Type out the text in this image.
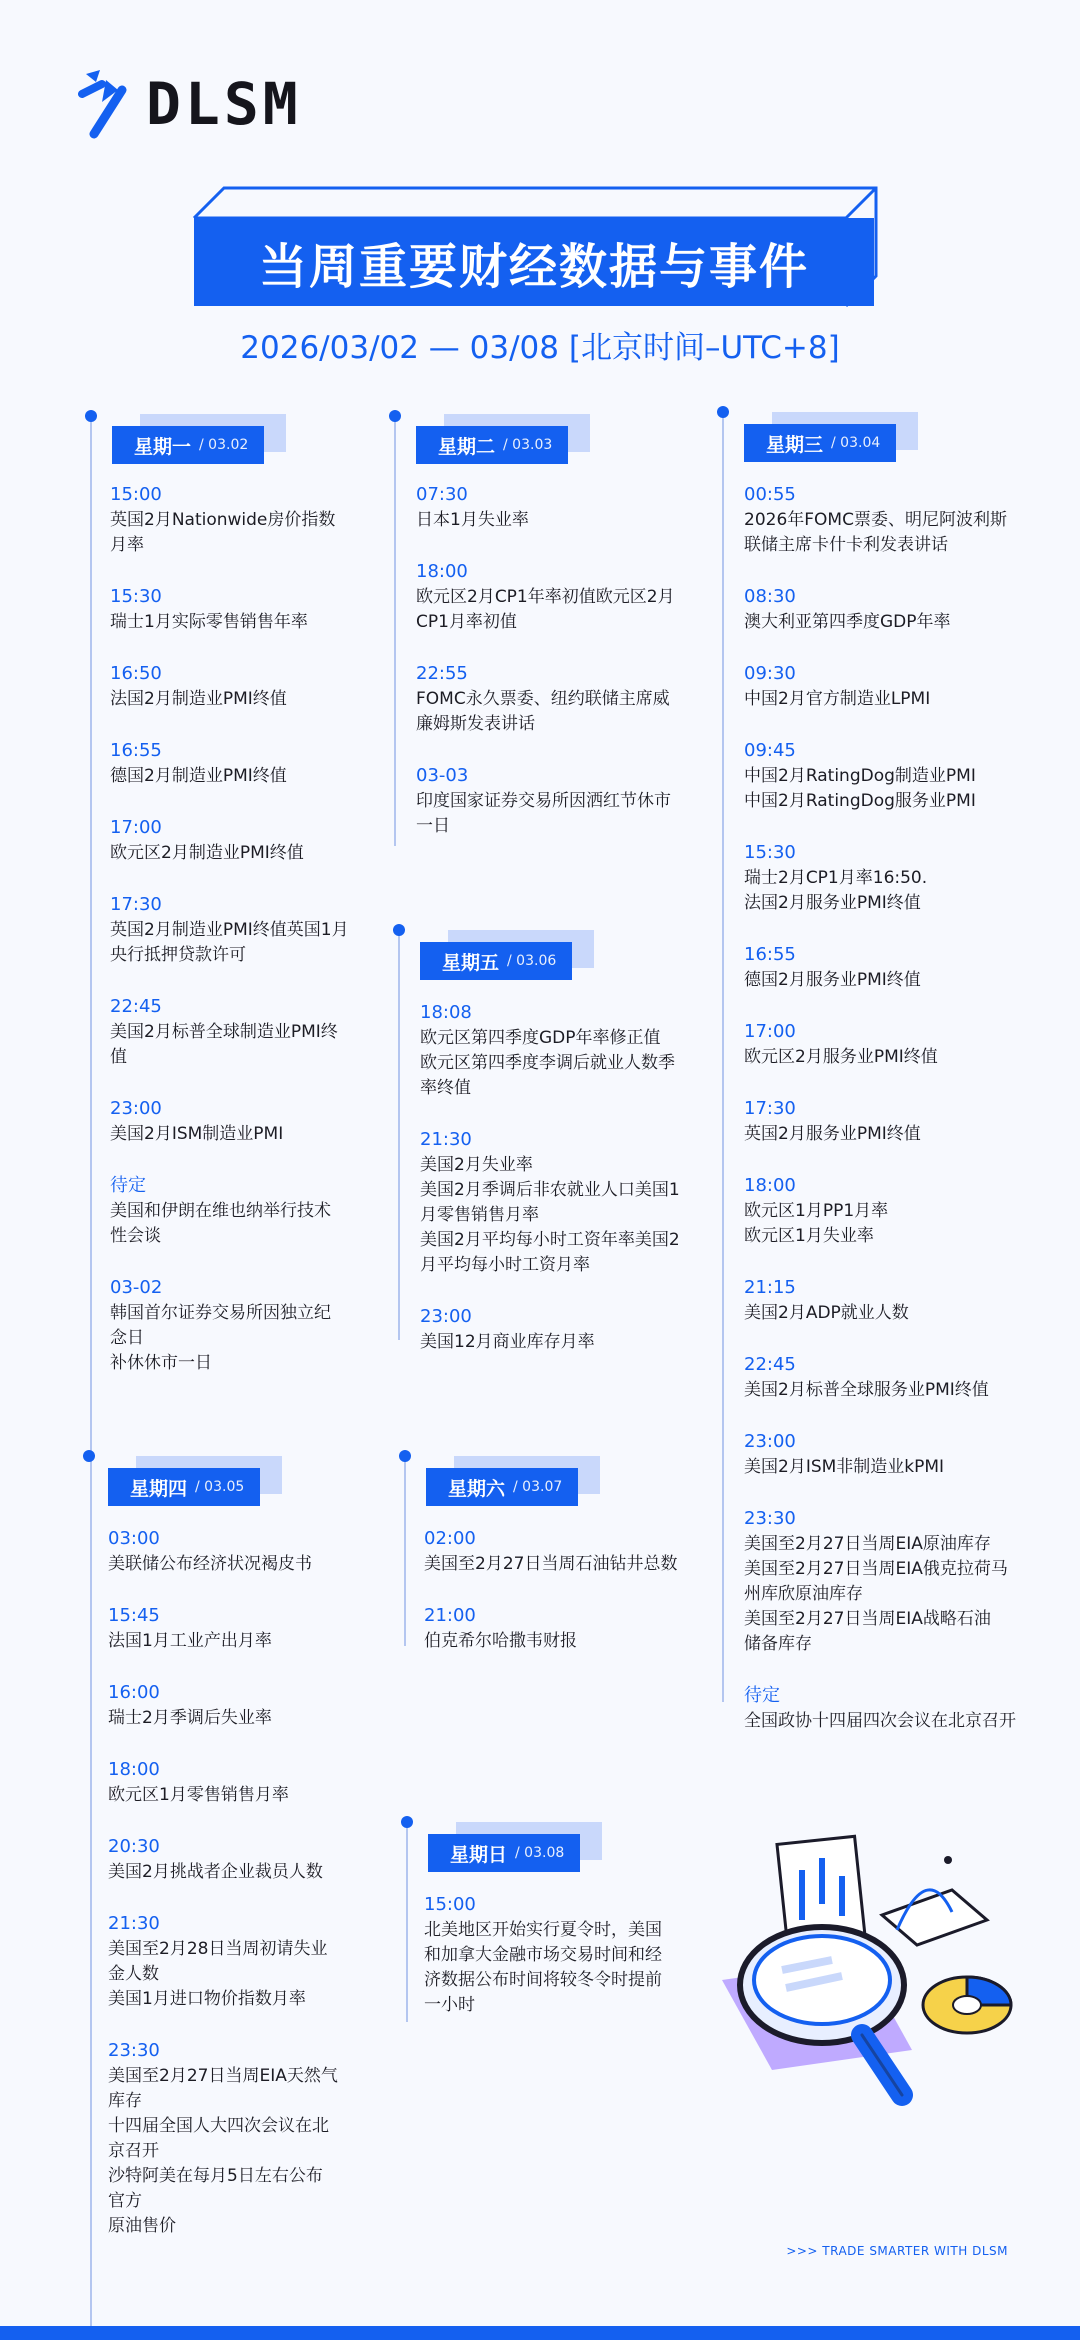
DLSM
当周重要财经数据与事件
2026/03/02 — 03/08 [北京时间–UTC+8]
星期一 / 03.02
15:00
英国2月Nationwide房价指数
月率
15:30
瑞士1月实际零售销售年率
16:50
法国2月制造业PMI终值
16:55
德国2月制造业PMI终值
17:00
欧元区2月制造业PMI终值
17:30
英国2月制造业PMI终值英国1月
央行抵押贷款许可
22:45
美国2月标普全球制造业PMI终
值
23:00
美国2月ISM制造业PMI
待定
美国和伊朗在维也纳举行技术
性会谈
03-02
韩国首尔证券交易所因独立纪
念日
补休休市一日
星期二 / 03.03
07:30
日本1月失业率
18:00
欧元区2月CP1年率初值欧元区2月
CP1月率初值
22:55
FOMC永久票委、纽约联储主席威
廉姆斯发表讲话
03-03
印度国家证券交易所因洒红节休市
一日
星期三 / 03.04
00:55
2026年FOMC票委、明尼阿波利斯
联储主席卡什卡利发表讲话
08:30
澳大利亚第四季度GDP年率
09:30
中国2月官方制造业LPMI
09:45
中国2月RatingDog制造业PMI
中国2月RatingDog服务业PMI
15:30
瑞士2月CP1月率16:50.
法国2月服务业PMI终值
16:55
德国2月服务业PMI终值
17:00
欧元区2月服务业PMI终值
17:30
英国2月服务业PMI终值
18:00
欧元区1月PP1月率
欧元区1月失业率
21:15
美国2月ADP就业人数
22:45
美国2月标普全球服务业PMI终值
23:00
美国2月ISM非制造业kPMI
23:30
美国至2月27日当周EIA原油库存
美国至2月27日当周EIA俄克拉荷马
州库欣原油库存
美国至2月27日当周EIA战略石油
储备库存
待定
全国政协十四届四次会议在北京召开
星期五 / 03.06
18:08
欧元区第四季度GDP年率修正值
欧元区第四季度李调后就业人数季
率终值
21:30
美国2月失业率
美国2月季调后非农就业人口美国1
月零售销售月率
美国2月平均每小时工资年率美国2
月平均每小时工资月率
23:00
美国12月商业库存月率
星期四 / 03.05
03:00
美联储公布经济状况褐皮书
15:45
法国1月工业产出月率
16:00
瑞士2月季调后失业率
18:00
欧元区1月零售销售月率
20:30
美国2月挑战者企业裁员人数
21:30
美国至2月28日当周初请失业
金人数
美国1月进口物价指数月率
23:30
美国至2月27日当周EIA天然气
库存
十四届全国人大四次会议在北
京召开
沙特阿美在每月5日左右公布
官方
原油售价
星期六 / 03.07
02:00
美国至2月27日当周石油钻井总数
21:00
伯克希尔哈撒韦财报
星期日 / 03.08
15:00
北美地区开始实行夏令时，美国
和加拿大金融市场交易时间和经
济数据公布时间将较冬令时提前
一小时
>>> TRADE SMARTER WITH DLSM
